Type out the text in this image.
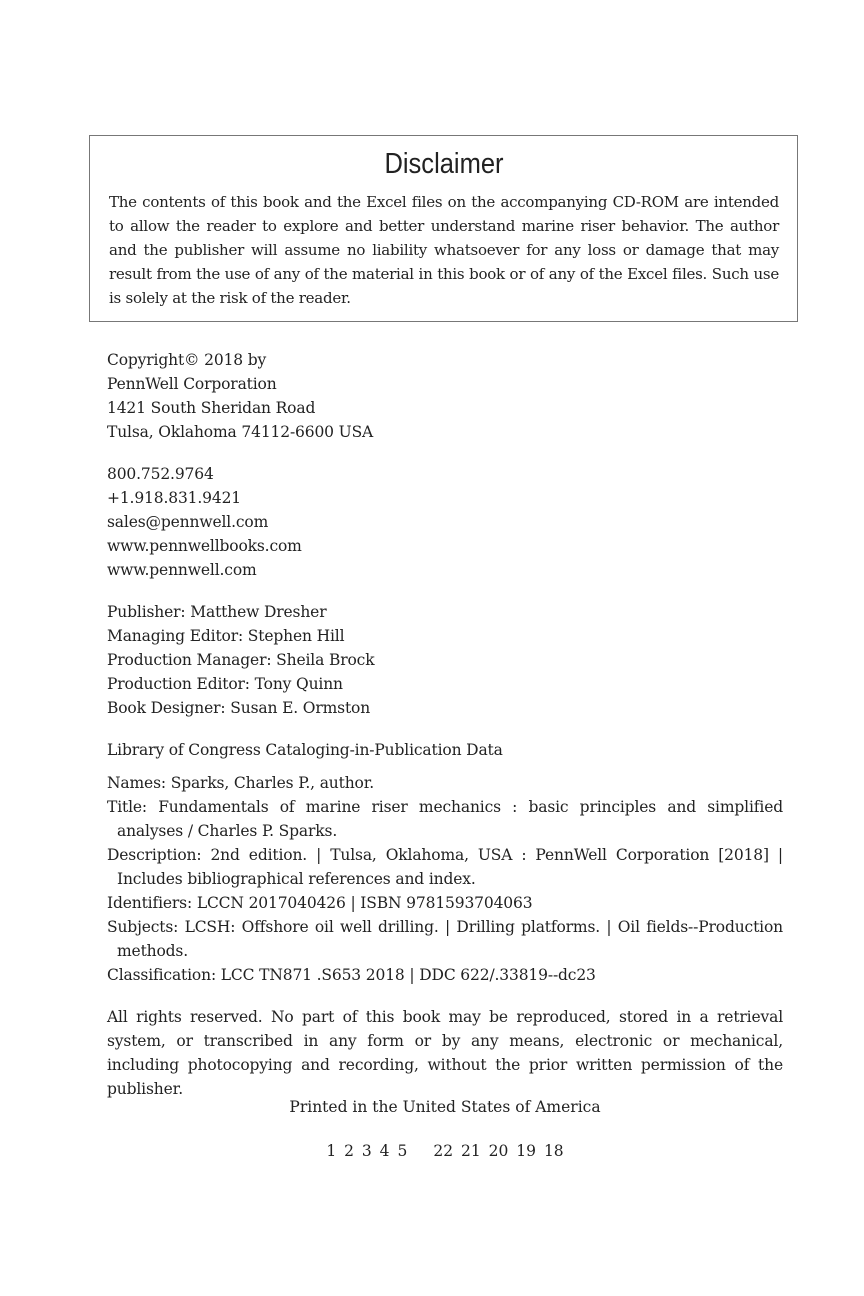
Disclaimer

The contents of this book and the Excel files on the accompanying CD-ROM are intended to allow the reader to explore and better understand marine riser behavior. The author and the publisher will assume no liability whatsoever for any loss or damage that may result from the use of any of the material in this book or of any of the Excel files. Such use is solely at the risk of the reader.

Copyright© 2018 by
PennWell Corporation
1421 South Sheridan Road
Tulsa, Oklahoma 74112-6600 USA
800.752.9764
+1.918.831.9421
sales@pennwell.com
www.pennwellbooks.com
www.pennwell.com
Publisher: Matthew Dresher
Managing Editor: Stephen Hill
Production Manager: Sheila Brock
Production Editor: Tony Quinn
Book Designer: Susan E. Ormston
Library of Congress Cataloging-in-Publication Data
Names: Sparks, Charles P., author.
Title: Fundamentals of marine riser mechanics : basic principles and simplified analyses / Charles P. Sparks.
Description: 2nd edition. | Tulsa, Oklahoma, USA : PennWell Corporation [2018] | Includes bibliographical references and index.
Identifiers: LCCN 2017040426 | ISBN 9781593704063
Subjects: LCSH: Offshore oil well drilling. | Drilling platforms. | Oil fields--Production methods.
Classification: LCC TN871 .S653 2018 | DDC 622/.33819--dc23
All rights reserved. No part of this book may be reproduced, stored in a retrieval system, or transcribed in any form or by any means, electronic or mechanical, including photocopying and recording, without the prior written permission of the publisher.
Printed in the United States of America
1 2 3 4 5 22 21 20 19 18
